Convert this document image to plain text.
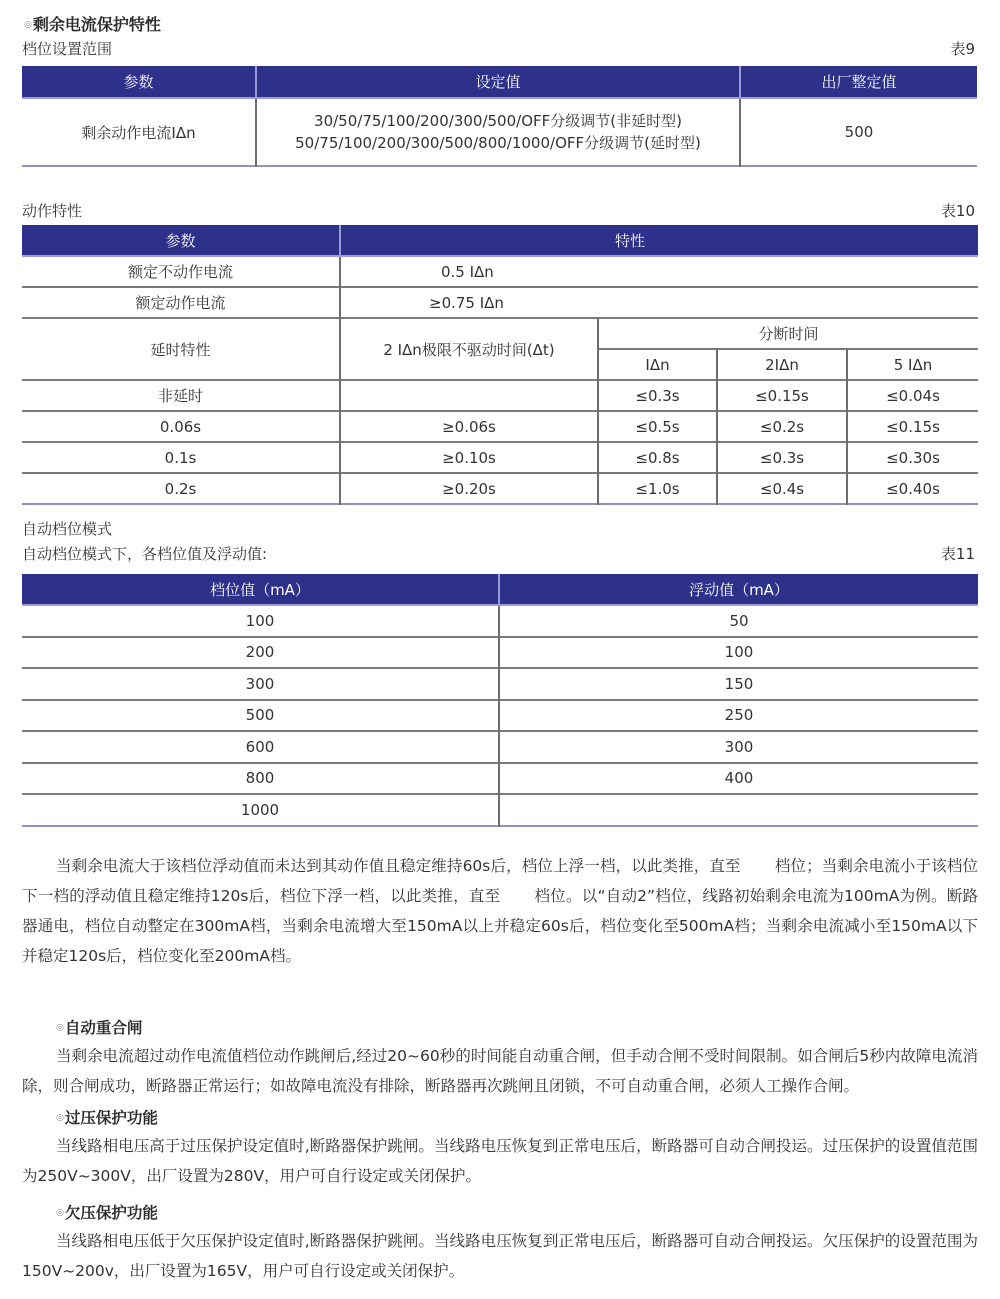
◎剩余电流保护特性
档位设置范围	表9
参数	设定值	出厂整定值
剩余动作电流IΔn	30/50/75/100/200/300/500/OFF分级调节(非延时型)
50/75/100/200/300/500/800/1000/OFF分级调节(延时型)	500
动作特性	表10
参数	特性			
额定不动作电流	0.5 IΔn			
额定动作电流	≥0.75 IΔn			
延时特性	2 IΔn极限不驱动时间(Δt)	分断时间		
		IΔn	2IΔn	5 IΔn
非延时		≤0.3s	≤0.15s	≤0.04s
0.06s	≥0.06s	≤0.5s	≤0.2s	≤0.15s
0.1s	≥0.10s	≤0.8s	≤0.3s	≤0.30s
0.2s	≥0.20s	≤1.0s	≤0.4s	≤0.40s
自动档位模式
自动档位模式下，各档位值及浮动值:	表11
档位值（mA）	浮动值（mA）
100	50
200	100
300	150
500	250
600	300
800	400
1000	
当剩余电流大于该档位浮动值而未达到其动作值且稳定维持60s后，档位上浮一档，以此类推，直至 档位；当剩余电流小于该档位下一档的浮动值且稳定维持120s后，档位下浮一档，以此类推，直至 档位。以“自动2”档位，线路初始剩余电流为100mA为例。断路器通电，档位自动整定在300mA档，当剩余电流增大至150mA以上并稳定60s后，档位变化至500mA档；当剩余电流减小至150mA以下并稳定120s后，档位变化至200mA档。
◎自动重合闸
当剩余电流超过动作电流值档位动作跳闸后,经过20~60秒的时间能自动重合闸，但手动合闸不受时间限制。如合闸后5秒内故障电流消除，则合闸成功，断路器正常运行；如故障电流没有排除，断路器再次跳闸且闭锁，不可自动重合闸，必须人工操作合闸。
◎过压保护功能
当线路相电压高于过压保护设定值时,断路器保护跳闸。当线路电压恢复到正常电压后，断路器可自动合闸投运。过压保护的设置值范围为250V~300V，出厂设置为280V，用户可自行设定或关闭保护。
◎欠压保护功能
当线路相电压低于欠压保护设定值时,断路器保护跳闸。当线路电压恢复到正常电压后，断路器可自动合闸投运。欠压保护的设置范围为150V~200v，出厂设置为165V，用户可自行设定或关闭保护。
